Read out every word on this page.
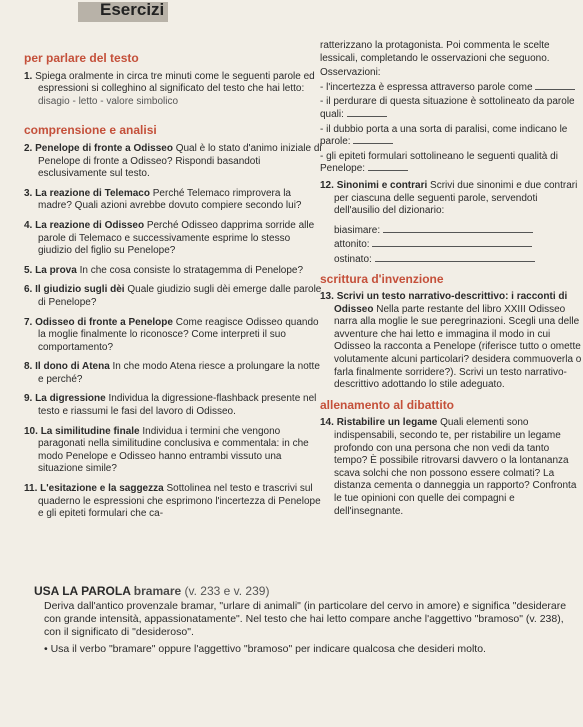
Esercizi
per parlare del testo
1. Spiega oralmente in circa tre minuti come le seguenti parole ed espressioni si colleghino al significato del testo che hai letto:
disagio - letto - valore simbolico
comprensione e analisi
2. Penelope di fronte a Odisseo Qual è lo stato d'animo iniziale di Penelope di fronte a Odisseo? Rispondi basandoti esclusivamente sul testo.
3. La reazione di Telemaco Perché Telemaco rimprovera la madre? Quali azioni avrebbe dovuto compiere secondo lui?
4. La reazione di Odisseo Perché Odisseo dapprima sorride alle parole di Telemaco e successivamente esprime lo stesso giudizio del figlio su Penelope?
5. La prova In che cosa consiste lo stratagemma di Penelope?
6. Il giudizio sugli dèi Quale giudizio sugli dèi emerge dalle parole di Penelope?
7. Odisseo di fronte a Penelope Come reagisce Odisseo quando la moglie finalmente lo riconosce? Come interpreti il suo comportamento?
8. Il dono di Atena In che modo Atena riesce a prolungare la notte e perché?
9. La digressione Individua la digressione-flashback presente nel testo e riassumi le fasi del lavoro di Odisseo.
10. La similitudine finale Individua i termini che vengono paragonati nella similitudine conclusiva e commentala: in che modo Penelope e Odisseo hanno entrambi vissuto una situazione simile?
11. L'esitazione e la saggezza Sottolinea nel testo e trascrivi sul quaderno le espressioni che esprimono l'incertezza di Penelope e gli epiteti formulari che ca-
ratterizzano la protagonista. Poi commenta le scelte lessicali, completando le osservazioni che seguono.
Osservazioni:
- l'incertezza è espressa attraverso parole come
- il perdurare di questa situazione è sottolineato da parole quali:
- il dubbio porta a una sorta di paralisi, come indicano le parole:
- gli epiteti formulari sottolineano le seguenti qualità di Penelope:
12. Sinonimi e contrari Scrivi due sinonimi e due contrari per ciascuna delle seguenti parole, servendoti dell'ausilio del dizionario:
biasimare:
attonito:
ostinato:
scrittura d'invenzione
13. Scrivi un testo narrativo-descrittivo: i racconti di Odisseo Nella parte restante del libro XXIII Odisseo narra alla moglie le sue peregrinazioni. Scegli una delle avventure che hai letto e immagina il modo in cui Odisseo la racconta a Penelope (riferisce tutto o omette volutamente alcuni particolari? desidera commuoverla o farla finalmente sorridere?). Scrivi un testo narrativo-descrittivo adottando lo stile adeguato.
allenamento al dibattito
14. Ristabilire un legame Quali elementi sono indispensabili, secondo te, per ristabilire un legame profondo con una persona che non vedi da tanto tempo? È possibile ritrovarsi davvero o la lontananza scava solchi che non possono essere colmati? La distanza cementa o danneggia un rapporto? Confronta le tue opinioni con quelle dei compagni e dell'insegnante.
USA LA PAROLA bramare (v. 233 e v. 239)
Deriva dall'antico provenzale bramar, "urlare di animali" (in particolare del cervo in amore) e significa "desiderare con grande intensità, appassionatamente". Nel testo che hai letto compare anche l'aggettivo "bramoso" (v. 238), con il significato di "desideroso".
• Usa il verbo "bramare" oppure l'aggettivo "bramoso" per indicare qualcosa che desideri molto.
